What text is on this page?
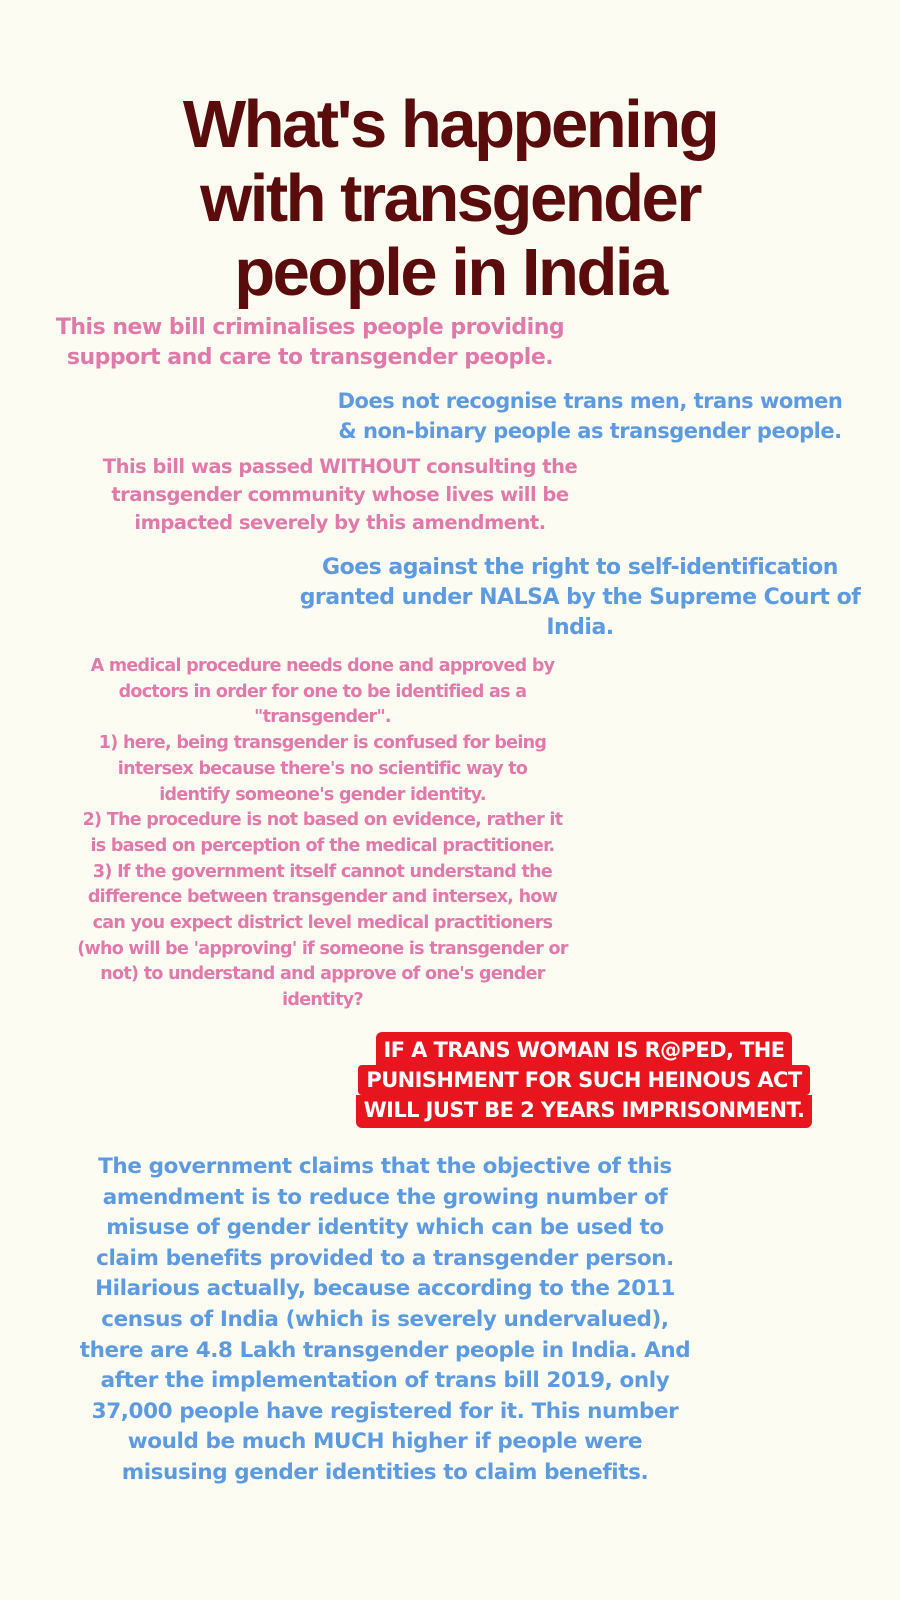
What's happening
with transgender
people in India
This new bill criminalises people providing
support and care to transgender people.
Does not recognise trans men, trans women
& non-binary people as transgender people.
This bill was passed WITHOUT consulting the
transgender community whose lives will be
impacted severely by this amendment.
Goes against the right to self-identification
granted under NALSA by the Supreme Court of
India.
A medical procedure needs done and approved by
doctors in order for one to be identified as a
"transgender".
1) here, being transgender is confused for being
intersex because there's no scientific way to
identify someone's gender identity.
2) The procedure is not based on evidence, rather it
is based on perception of the medical practitioner.
3) If the government itself cannot understand the
difference between transgender and intersex, how
can you expect district level medical practitioners
(who will be 'approving' if someone is transgender or
not) to understand and approve of one's gender
identity?
IF A TRANS WOMAN IS R@PED, THE
PUNISHMENT FOR SUCH HEINOUS ACT
WILL JUST BE 2 YEARS IMPRISONMENT.
The government claims that the objective of this
amendment is to reduce the growing number of
misuse of gender identity which can be used to
claim benefits provided to a transgender person.
Hilarious actually, because according to the 2011
census of India (which is severely undervalued),
there are 4.8 Lakh transgender people in India. And
after the implementation of trans bill 2019, only
37,000 people have registered for it. This number
would be much MUCH higher if people were
misusing gender identities to claim benefits.
